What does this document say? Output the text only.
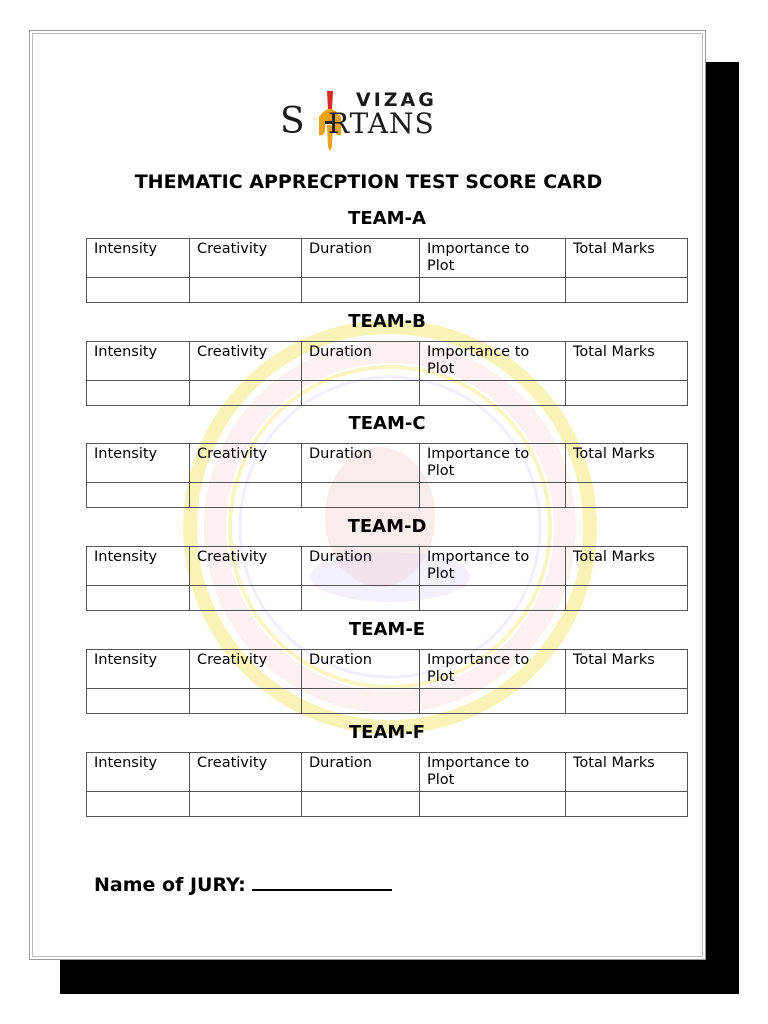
VIZAG
S RTANS
THEMATIC APPRECPTION TEST SCORE CARD
TEAM-A
Intensity	Creativity	Duration	Importance to Plot	Total Marks

TEAM-B
Intensity	Creativity	Duration	Importance to Plot	Total Marks

TEAM-C
Intensity	Creativity	Duration	Importance to Plot	Total Marks

TEAM-D
Intensity	Creativity	Duration	Importance to Plot	Total Marks

TEAM-E
Intensity	Creativity	Duration	Importance to Plot	Total Marks

TEAM-F
Intensity	Creativity	Duration	Importance to Plot	Total Marks

Name of JURY:
